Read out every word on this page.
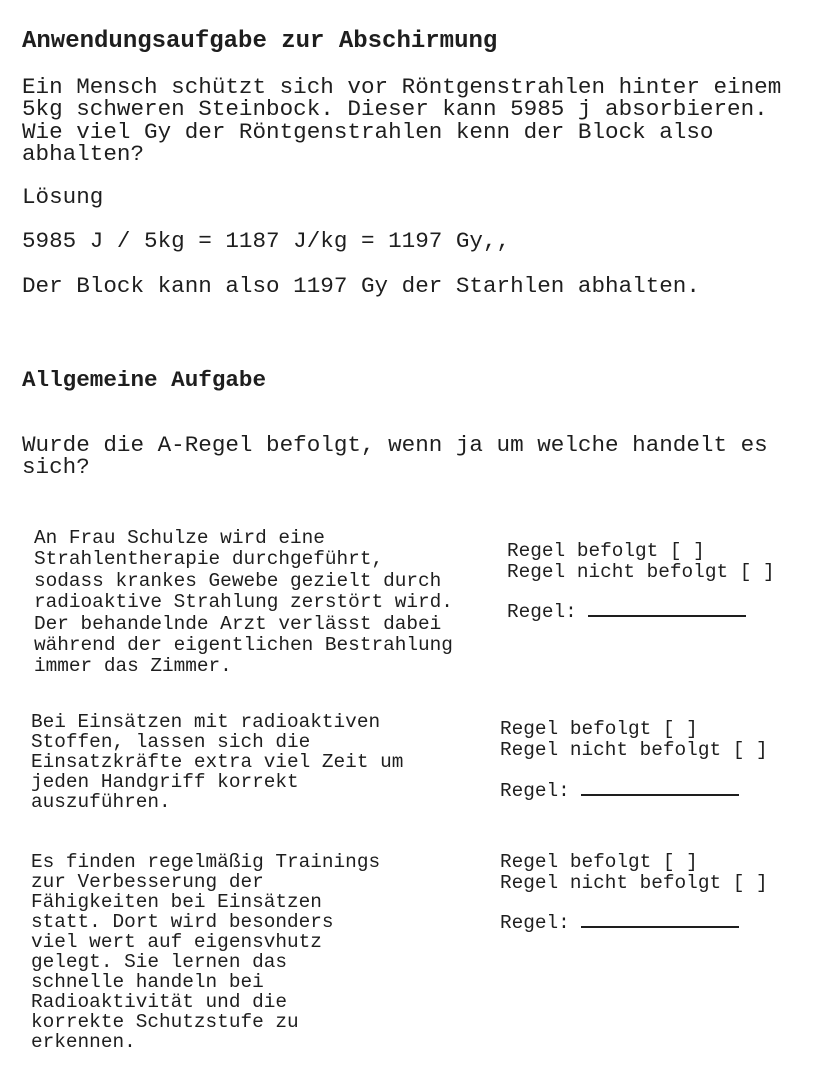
Anwendungsaufgabe zur Abschirmung
Ein Mensch schützt sich vor Röntgenstrahlen hinter einem
5kg schweren Steinbock. Dieser kann 5985 j absorbieren.
Wie viel Gy der Röntgenstrahlen kenn der Block also
abhalten?
Lösung
5985 J / 5kg = 1187 J/kg = 1197 Gy,,
Der Block kann also 1197 Gy der Starhlen abhalten.
Allgemeine Aufgabe
Wurde die A-Regel befolgt, wenn ja um welche handelt es
sich?
An Frau Schulze wird eine
Strahlentherapie durchgeführt,
sodass krankes Gewebe gezielt durch
radioaktive Strahlung zerstört wird.
Der behandelnde Arzt verlässt dabei
während der eigentlichen Bestrahlung
immer das Zimmer.
Regel befolgt [ ]
Regel nicht befolgt [ ]
Regel:
Bei Einsätzen mit radioaktiven
Stoffen, lassen sich die
Einsatzkräfte extra viel Zeit um
jeden Handgriff korrekt
auszuführen.
Regel befolgt [ ]
Regel nicht befolgt [ ]
Regel:
Es finden regelmäßig Trainings
zur Verbesserung der
Fähigkeiten bei Einsätzen
statt. Dort wird besonders
viel wert auf eigensvhutz
gelegt. Sie lernen das
schnelle handeln bei
Radioaktivität und die
korrekte Schutzstufe zu
erkennen.
Regel befolgt [ ]
Regel nicht befolgt [ ]
Regel:
